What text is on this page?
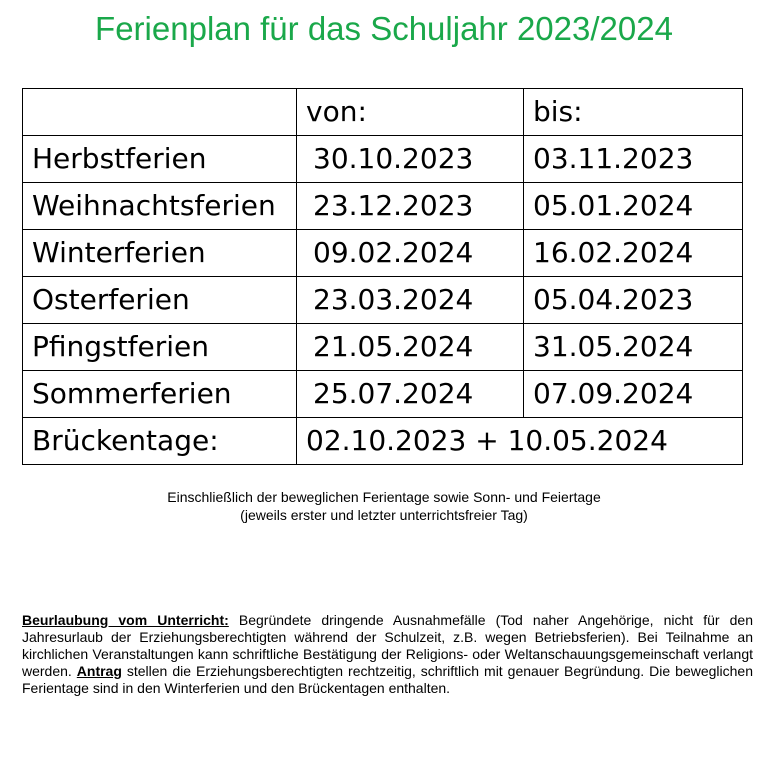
Ferienplan für das Schuljahr 2023/2024
	von:	bis:
Herbstferien	30.10.2023	03.11.2023
Weihnachtsferien	23.12.2023	05.01.2024
Winterferien	09.02.2024	16.02.2024
Osterferien	23.03.2024	05.04.2023
Pfingstferien	21.05.2024	31.05.2024
Sommerferien	25.07.2024	07.09.2024
Brückentage:	02.10.2023 + 10.05.2024	
Einschließlich der beweglichen Ferientage sowie Sonn- und Feiertage
(jeweils erster und letzter unterrichtsfreier Tag)
Beurlaubung vom Unterricht: Begründete dringende Ausnahmefälle (Tod naher Angehörige, nicht für den Jahresurlaub der Erziehungsberechtigten während der Schulzeit, z.B. wegen Betriebsferien). Bei Teilnahme an kirchlichen Veranstaltungen kann schriftliche Bestätigung der Religions- oder Weltanschauungsgemeinschaft verlangt werden. Antrag stellen die Erziehungsberechtigten rechtzeitig, schriftlich mit genauer Begründung. Die beweglichen Ferientage sind in den Winterferien und den Brückentagen enthalten.
